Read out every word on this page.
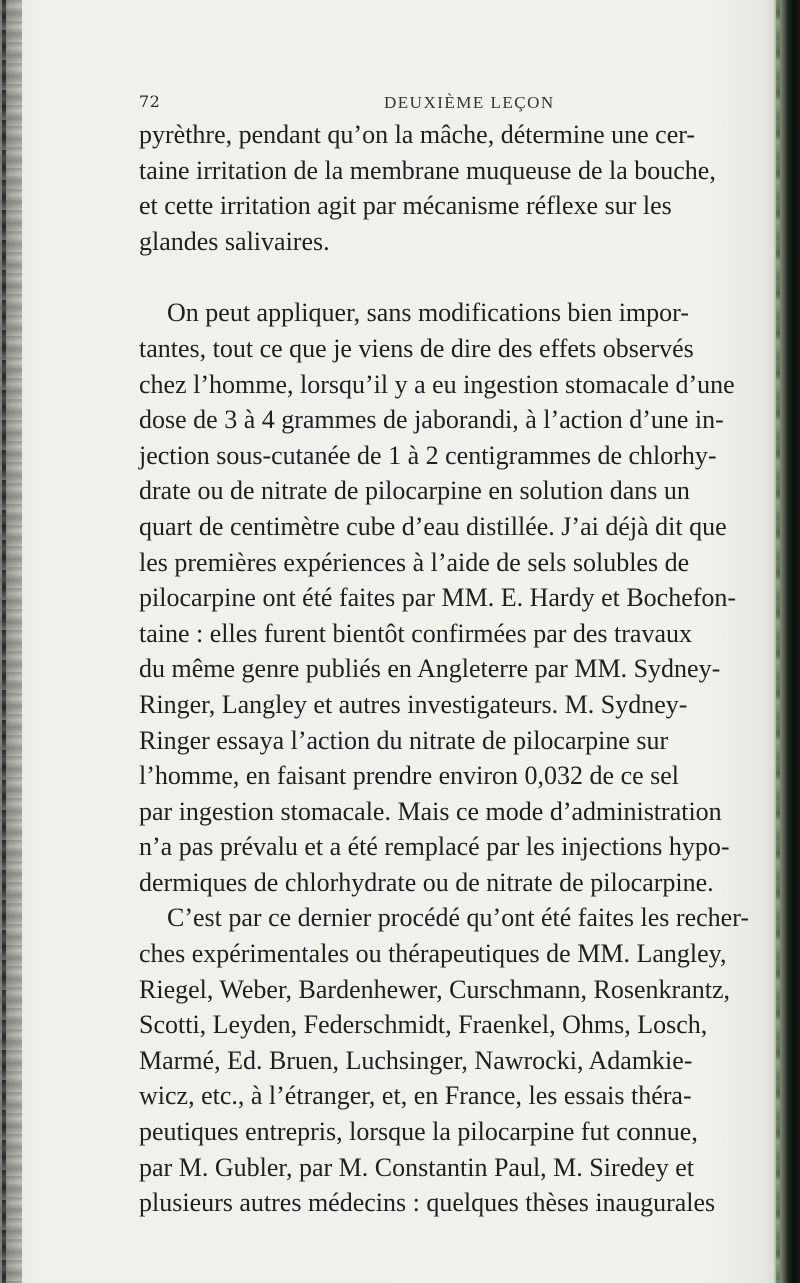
72	DEUXIÈME LEÇON
pyrèthre, pendant qu’on la mâche, détermine une cer-
taine irritation de la membrane muqueuse de la bouche,
et cette irritation agit par mécanisme réflexe sur les
glandes salivaires.
On peut appliquer, sans modifications bien impor-
tantes, tout ce que je viens de dire des effets observés
chez l’homme, lorsqu’il y a eu ingestion stomacale d’une
dose de 3 à 4 grammes de jaborandi, à l’action d’une in-
jection sous-cutanée de 1 à 2 centigrammes de chlorhy-
drate ou de nitrate de pilocarpine en solution dans un
quart de centimètre cube d’eau distillée. J’ai déjà dit que
les premières expériences à l’aide de sels solubles de
pilocarpine ont été faites par MM. E. Hardy et Bochefon-
taine : elles furent bientôt confirmées par des travaux
du même genre publiés en Angleterre par MM. Sydney-
Ringer, Langley et autres investigateurs. M. Sydney-
Ringer essaya l’action du nitrate de pilocarpine sur
l’homme, en faisant prendre environ 0,032 de ce sel
par ingestion stomacale. Mais ce mode d’administration
n’a pas prévalu et a été remplacé par les injections hypo-
dermiques de chlorhydrate ou de nitrate de pilocarpine.
C’est par ce dernier procédé qu’ont été faites les recher-
ches expérimentales ou thérapeutiques de MM. Langley,
Riegel, Weber, Bardenhewer, Curschmann, Rosenkrantz,
Scotti, Leyden, Federschmidt, Fraenkel, Ohms, Losch,
Marmé, Ed. Bruen, Luchsinger, Nawrocki, Adamkie-
wicz, etc., à l’étranger, et, en France, les essais théra-
peutiques entrepris, lorsque la pilocarpine fut connue,
par M. Gubler, par M. Constantin Paul, M. Siredey et
plusieurs autres médecins : quelques thèses inaugurales
